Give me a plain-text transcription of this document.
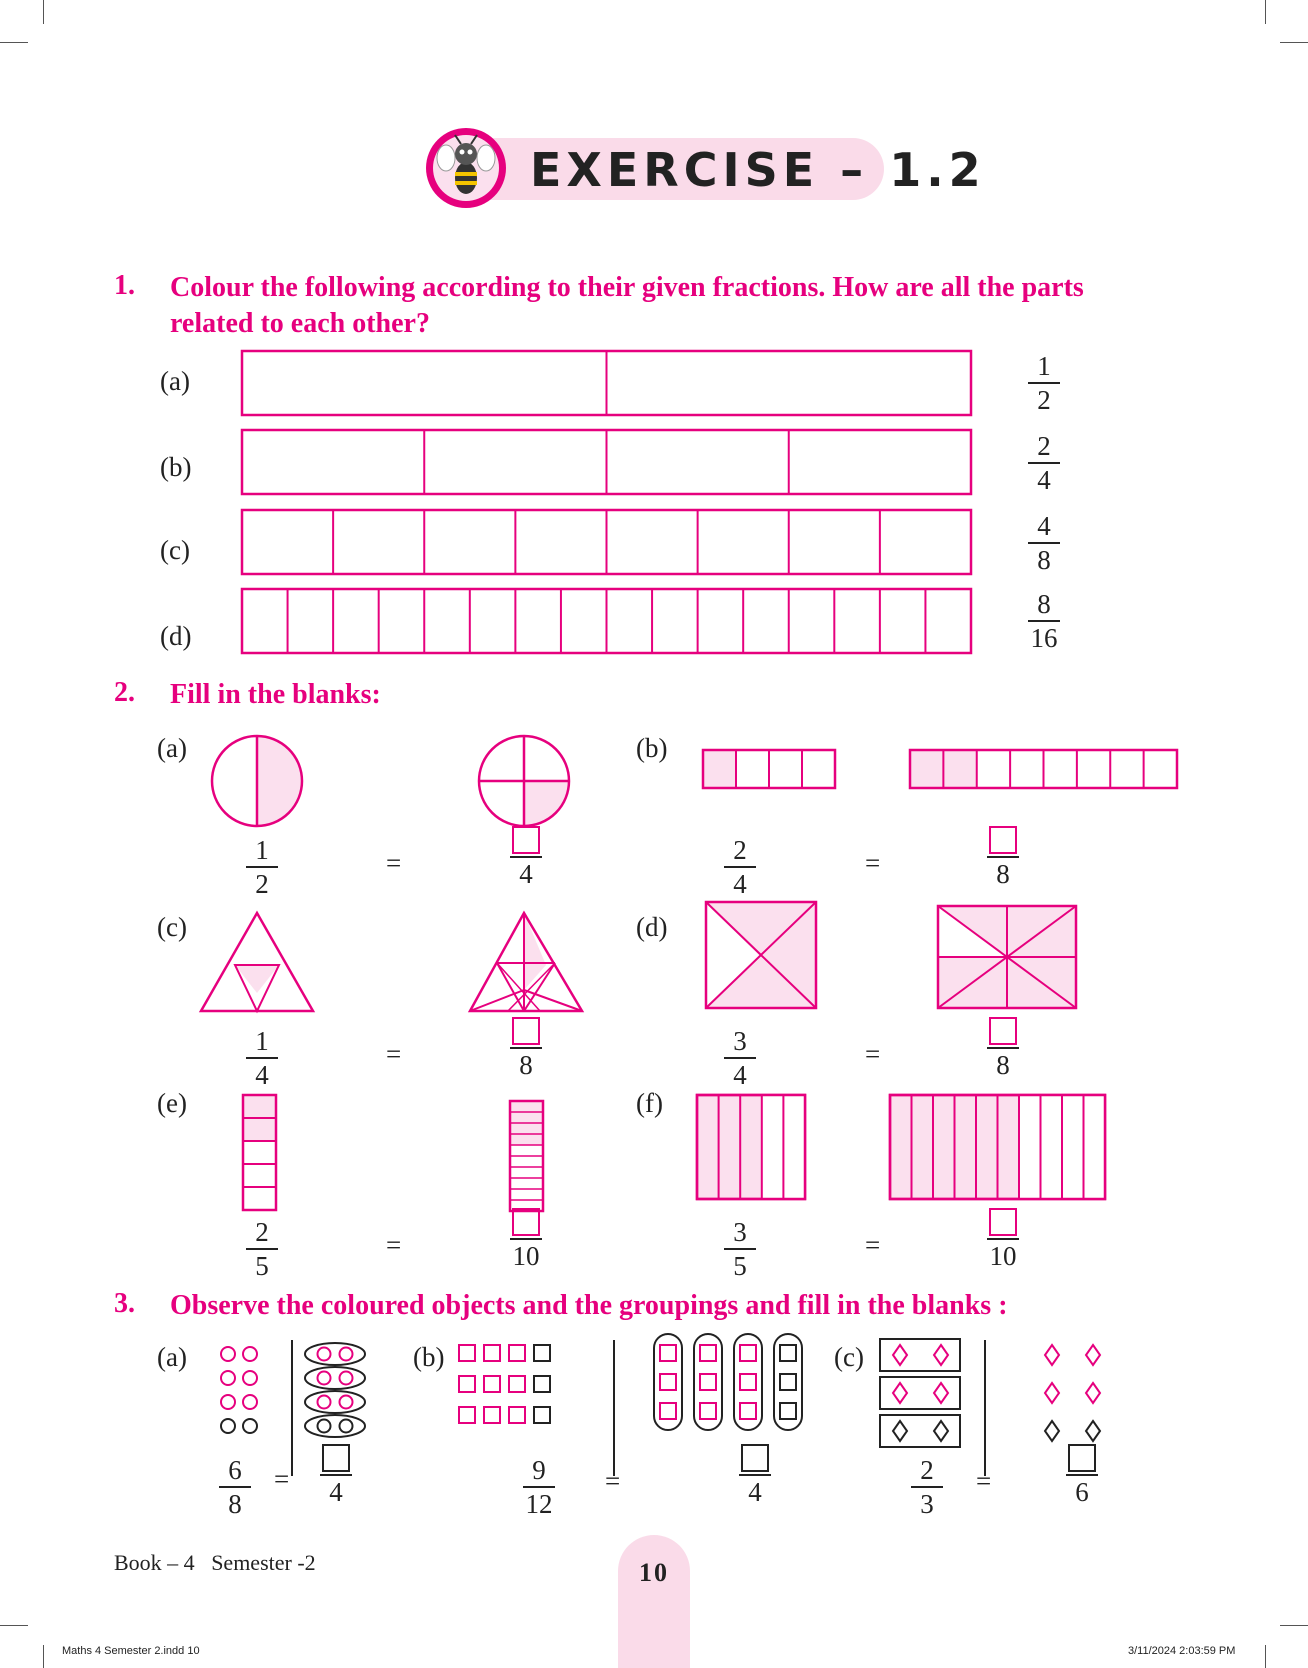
EXERCISE – 1.2
1. Colour the following according to their given fractions. How are all the parts
related to each other?
(a)
(b)
(c)
(d)
1
2
2
4
4
8
8
16
2. Fill in the blanks:
(a)	(b)
(c)	(d)
(e)	(f)
1
2
=	4
2
4
=	8
1
4
=	8
3
4
=	8
2
5
=	10
3
5
=	10
3. Observe the coloured objects and the groupings and fill in the blanks :
(a)	(b)	(c)
6
8
=	4
9
12
=	4
2
3
=	6
Book – 4 Semester -2	10
Maths 4 Semester 2.indd 10	3/11/2024 2:03:59 PM
